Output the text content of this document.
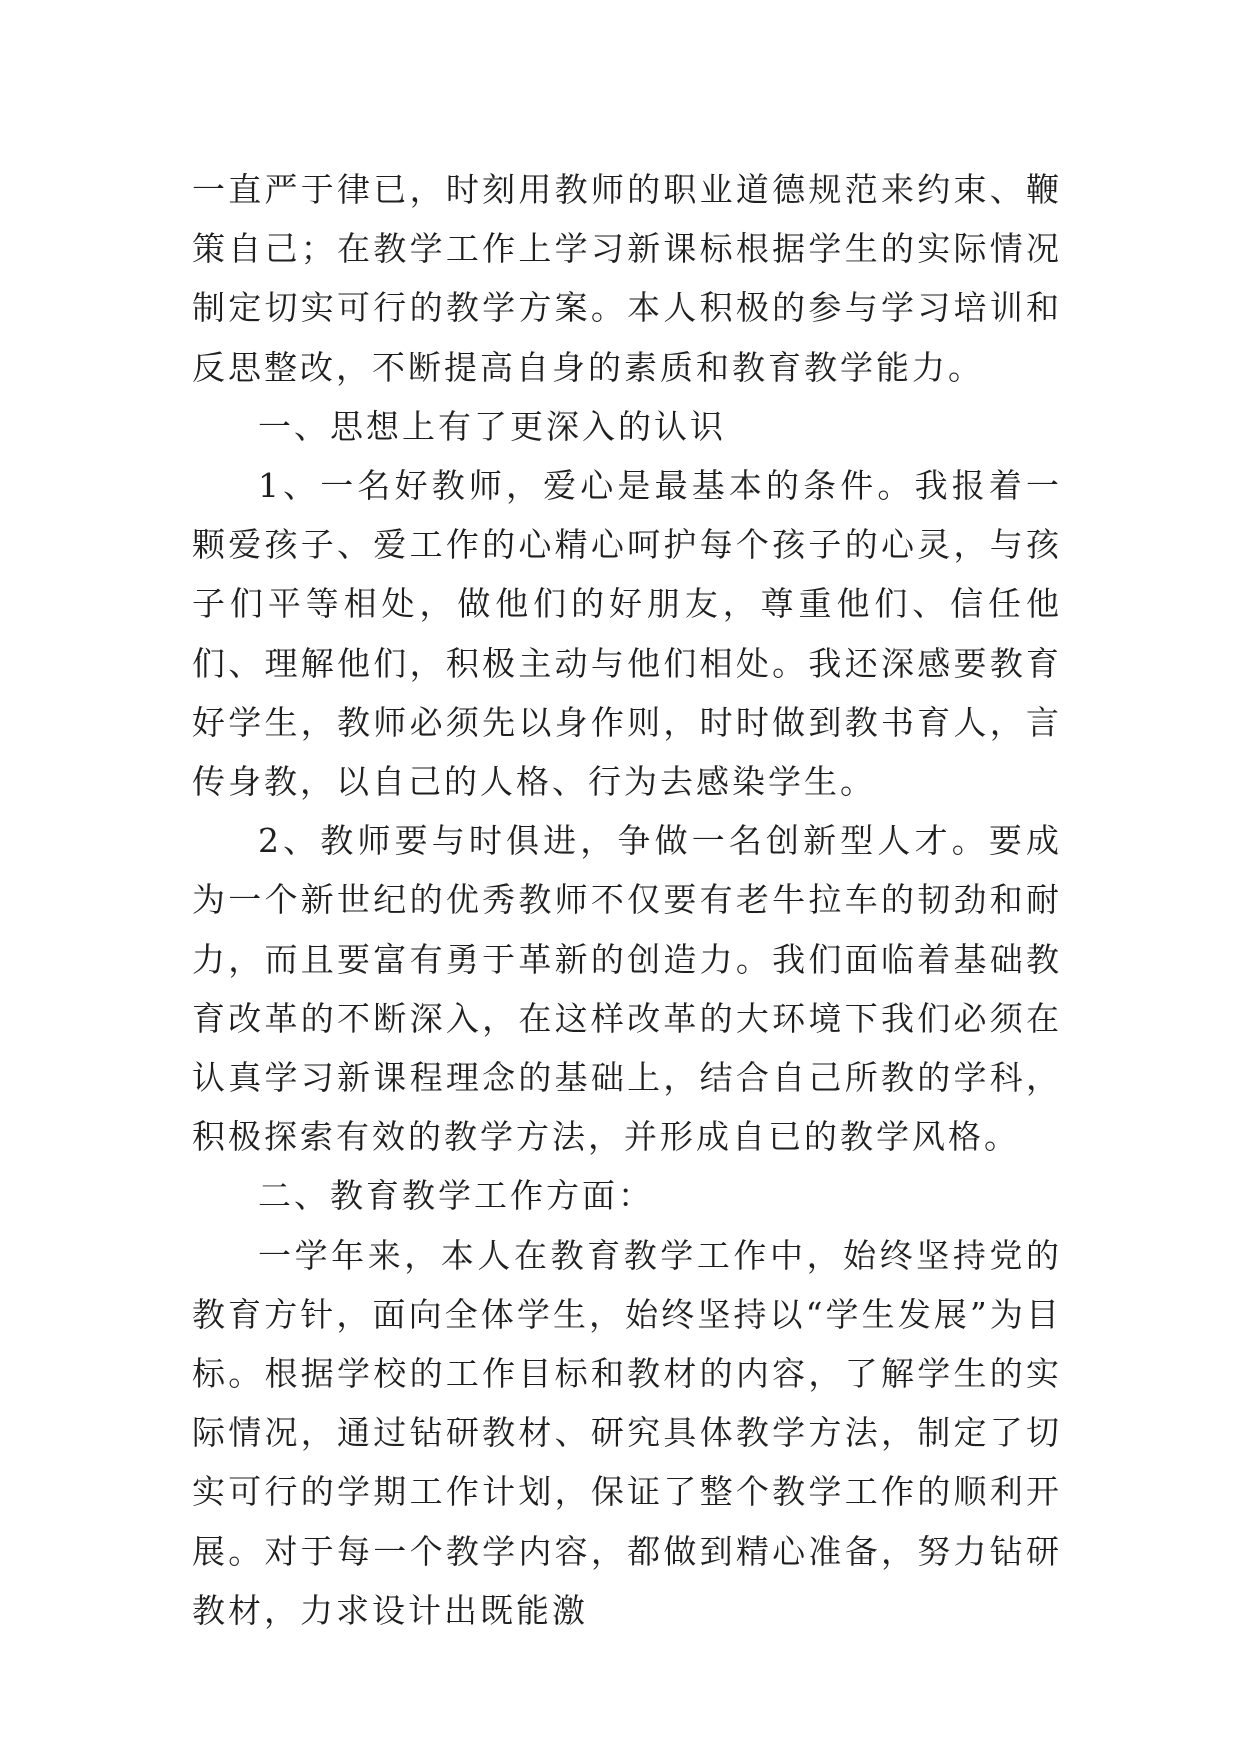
一直严于律已，时刻用教师的职业道德规范来约束、鞭策自己；在教学工作上学习新课标根据学生的实际情况制定切实可行的教学方案。本人积极的参与学习培训和反思整改，不断提高自身的素质和教育教学能力。

一、思想上有了更深入的认识

1、一名好教师，爱心是最基本的条件。我报着一颗爱孩子、爱工作的心精心呵护每个孩子的心灵，与孩子们平等相处，做他们的好朋友，尊重他们、信任他们、理解他们，积极主动与他们相处。我还深感要教育好学生，教师必须先以身作则，时时做到教书育人，言传身教，以自己的人格、行为去感染学生。

2、教师要与时俱进，争做一名创新型人才。要成为一个新世纪的优秀教师不仅要有老牛拉车的韧劲和耐力，而且要富有勇于革新的创造力。我们面临着基础教育改革的不断深入，在这样改革的大环境下我们必须在认真学习新课程理念的基础上，结合自己所教的学科，积极探索有效的教学方法，并形成自已的教学风格。

二、教育教学工作方面：

一学年来，本人在教育教学工作中，始终坚持党的教育方针，面向全体学生，始终坚持以“学生发展”为目标。根据学校的工作目标和教材的内容，了解学生的实际情况，通过钻研教材、研究具体教学方法，制定了切实可行的学期工作计划，保证了整个教学工作的顺利开展。对于每一个教学内容，都做到精心准备，努力钻研教材，力求设计出既能激
